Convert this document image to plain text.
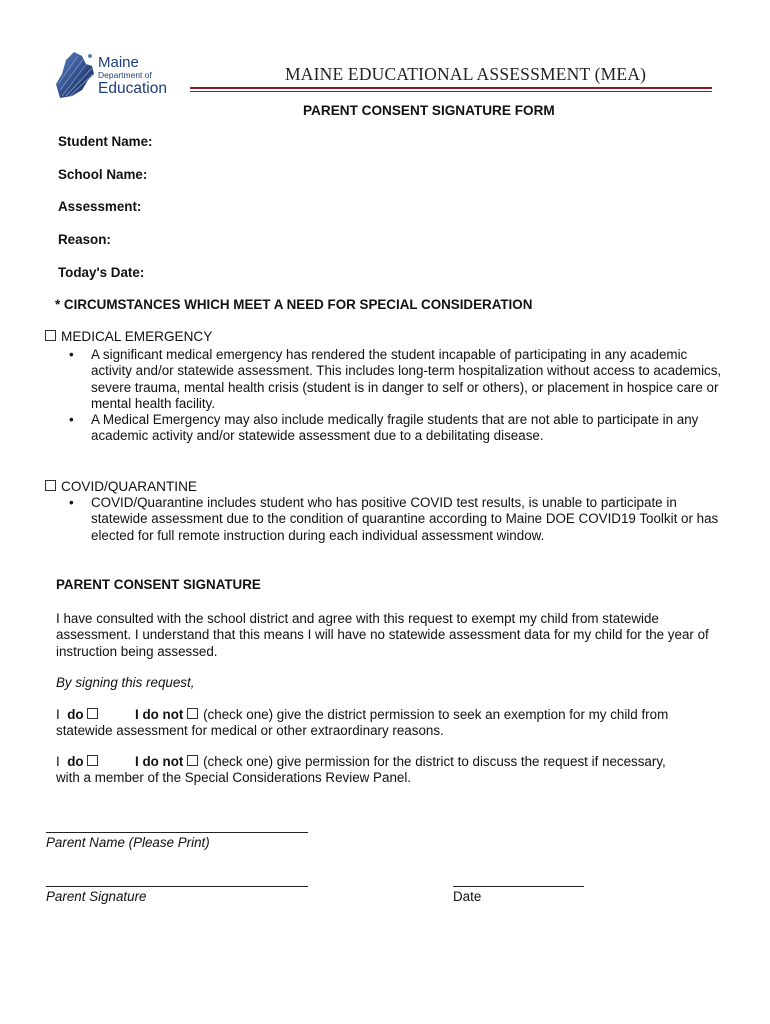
Maine
Department of
Education
MAINE EDUCATIONAL ASSESSMENT (MEA)
PARENT CONSENT SIGNATURE FORM
Student Name:
School Name:
Assessment:
Reason:
Today's Date:
* CIRCUMSTANCES WHICH MEET A NEED FOR SPECIAL CONSIDERATION
MEDICAL EMERGENCY
• A significant medical emergency has rendered the student incapable of participating in any academic activity and/or statewide assessment. This includes long-term hospitalization without access to academics, severe trauma, mental health crisis (student is in danger to self or others), or placement in hospice care or mental health facility.
• A Medical Emergency may also include medically fragile students that are not able to participate in any academic activity and/or statewide assessment due to a debilitating disease.
COVID/QUARANTINE
• COVID/Quarantine includes student who has positive COVID test results, is unable to participate in statewide assessment due to the condition of quarantine according to Maine DOE COVID19 Toolkit or has elected for full remote instruction during each individual assessment window.
PARENT CONSENT SIGNATURE
I have consulted with the school district and agree with this request to exempt my child from statewide assessment. I understand that this means I will have no statewide assessment data for my child for the year of instruction being assessed.
By signing this request,
I do	I do not (check one) give the district permission to seek an exemption for my child from
statewide assessment for medical or other extraordinary reasons.
I do	I do not (check one) give permission for the district to discuss the request if necessary,
with a member of the Special Considerations Review Panel.
Parent Name (Please Print)
Parent Signature	Date
